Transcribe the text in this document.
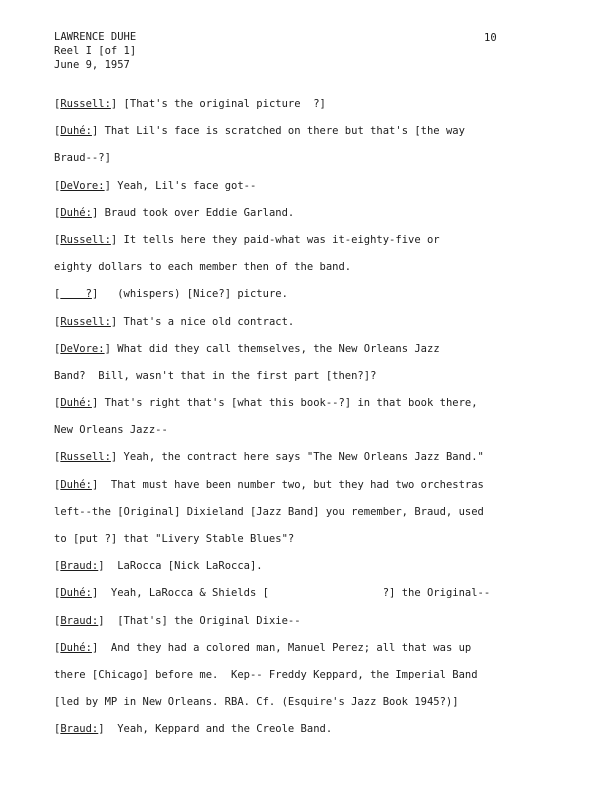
LAWRENCE DUHE
Reel I [of 1]
June 9, 1957
10
[Russell:] [That's the original picture  ?]
[Duhé:] That Lil's face is scratched on there but that's [the way
Braud--?]
[DeVore:] Yeah, Lil's face got--
[Duhé:] Braud took over Eddie Garland.
[Russell:] It tells here they paid-what was it-eighty-five or
eighty dollars to each member then of the band.
[    ?]   (whispers) [Nice?] picture.
[Russell:] That's a nice old contract.
[DeVore:] What did they call themselves, the New Orleans Jazz
Band?  Bill, wasn't that in the first part [then?]?
[Duhé:] That's right that's [what this book--?] in that book there,
New Orleans Jazz--
[Russell:] Yeah, the contract here says "The New Orleans Jazz Band."
[Duhé:]  That must have been number two, but they had two orchestras
left--the [Original] Dixieland [Jazz Band] you remember, Braud, used
to [put ?] that "Livery Stable Blues"?
[Braud:]  LaRocca [Nick LaRocca].
[Duhé:]  Yeah, LaRocca & Shields [                  ?] the Original--
[Braud:]  [That's] the Original Dixie--
[Duhé:]  And they had a colored man, Manuel Perez; all that was up
there [Chicago] before me.  Kep-- Freddy Keppard, the Imperial Band
[led by MP in New Orleans. RBA. Cf. (Esquire's Jazz Book 1945?)]
[Braud:]  Yeah, Keppard and the Creole Band.
